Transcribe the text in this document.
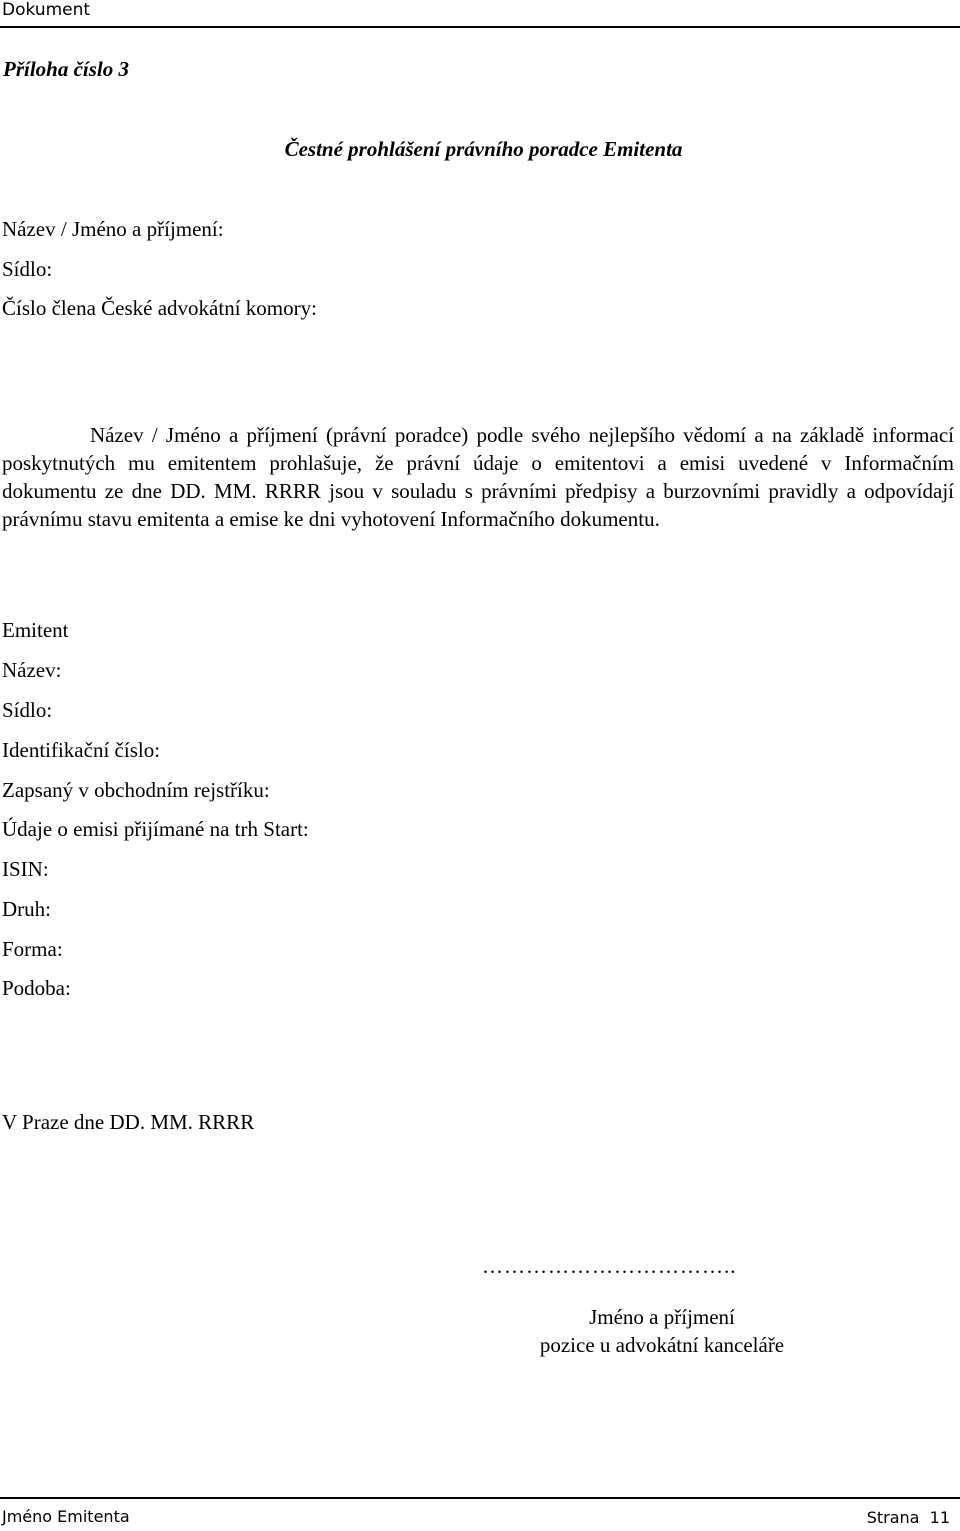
Dokument
Příloha číslo 3
Čestné prohlášení právního poradce Emitenta
Název / Jméno a příjmení:
Sídlo:
Číslo člena České advokátní komory:

Název / Jméno a příjmení (právní poradce) podle svého nejlepšího vědomí a na základě informací poskytnutých mu emitentem prohlašuje, že právní údaje o emitentovi a emisi uvedené v Informačním dokumentu ze dne DD. MM. RRRR jsou v souladu s právními předpisy a burzovními pravidly a odpovídají právnímu stavu emitenta a emise ke dni vyhotovení Informačního dokumentu.

Emitent
Název:
Sídlo:
Identifikační číslo:
Zapsaný v obchodním rejstříku:
Údaje o emisi přijímané na trh Start:
ISIN:
Druh:
Forma:
Podoba:
V Praze dne DD. MM. RRRR
……………………………..
Jméno a příjmení
pozice u advokátní kanceláře
Jméno Emitenta	Strana  11
